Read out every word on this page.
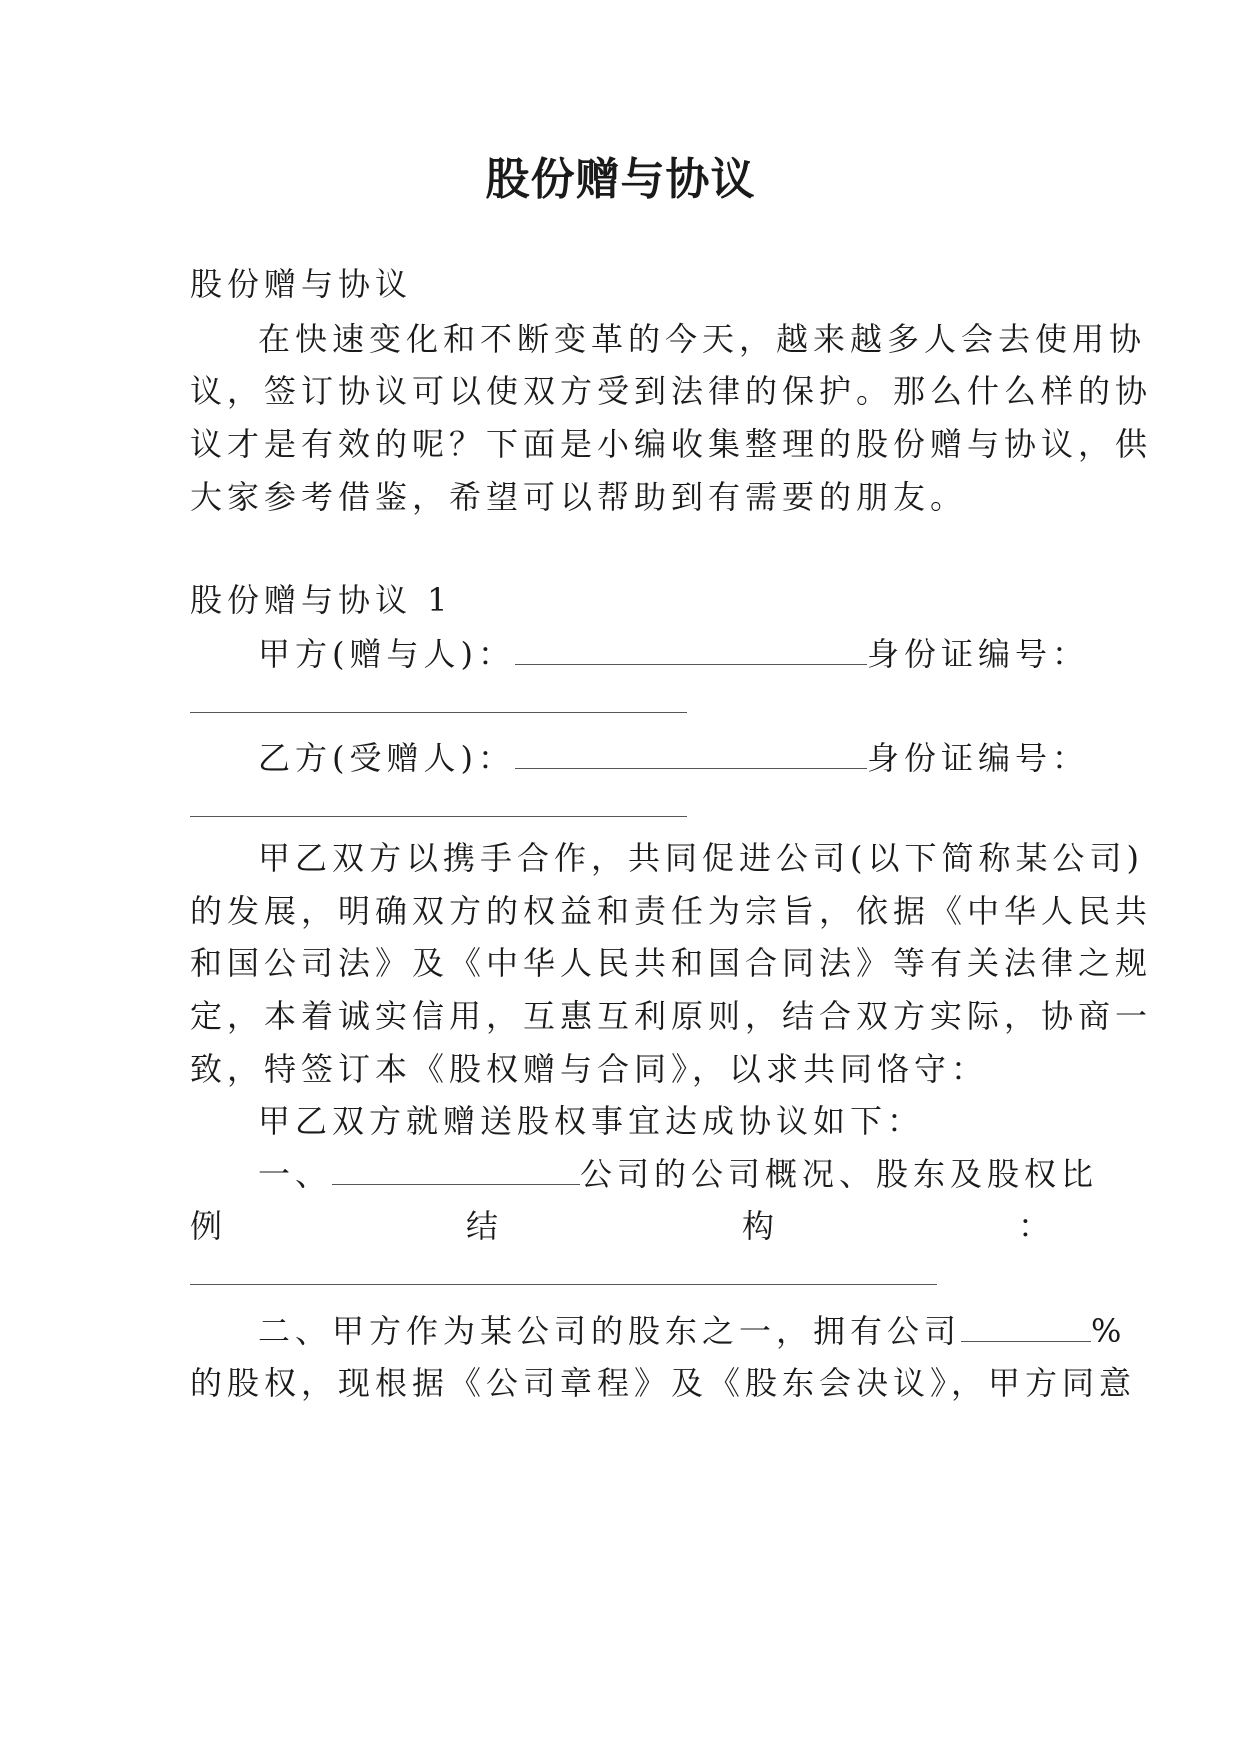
股份赠与协议
股份赠与协议
在快速变化和不断变革的今天，越来越多人会去使用协
议，签订协议可以使双方受到法律的保护。那么什么样的协
议才是有效的呢？下面是小编收集整理的股份赠与协议，供
大家参考借鉴，希望可以帮助到有需要的朋友。
股份赠与协议 1
甲方(赠与人)：	身份证编号：
乙方(受赠人)：	身份证编号：
甲乙双方以携手合作，共同促进公司(以下简称某公司)
的发展，明确双方的权益和责任为宗旨，依据《中华人民共
和国公司法》及《中华人民共和国合同法》等有关法律之规
定，本着诚实信用，互惠互利原则，结合双方实际，协商一
致，特签订本《股权赠与合同》，以求共同恪守：
甲乙双方就赠送股权事宜达成协议如下：
一、	公司的公司概况、股东及股权比
例	结	构	：
二、甲方作为某公司的股东之一，拥有公司	%
的股权，现根据《公司章程》及《股东会决议》，甲方同意
